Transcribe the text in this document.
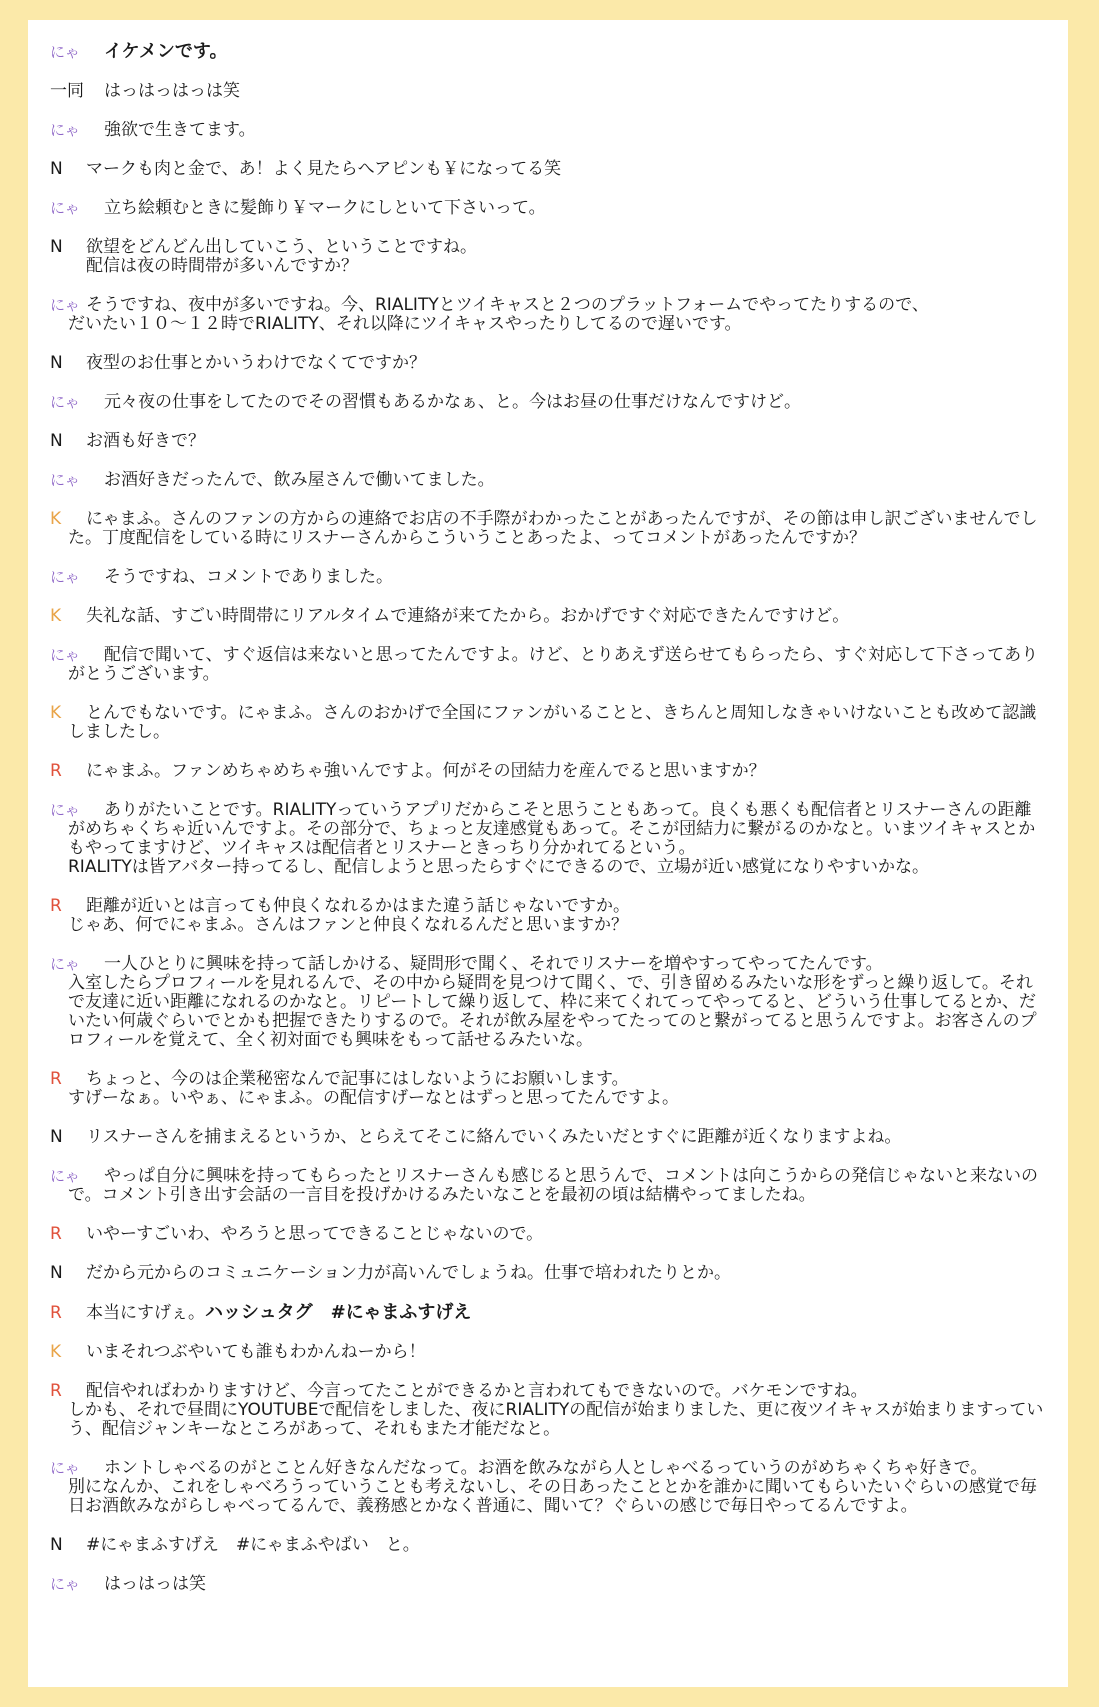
にゃ イケメンです。
一同 はっはっはっは笑
にゃ 強欲で生きてます。
N マークも肉と金で、あ！よく見たらへアピンも￥になってる笑
にゃ 立ち絵頼むときに髪飾り￥マークにしといて下さいって。
N 欲望をどんどん出していこう、ということですね。
配信は夜の時間帯が多いんですか？
にゃ そうですね、夜中が多いですね。今、RIALITYとツイキャスと２つのプラットフォームでやってたりするので、
だいたい１０～１２時でRIALITY、それ以降にツイキャスやったりしてるので遅いです。
N 夜型のお仕事とかいうわけでなくてですか？
にゃ 元々夜の仕事をしてたのでその習慣もあるかなぁ、と。今はお昼の仕事だけなんですけど。
N お酒も好きで？
にゃ お酒好きだったんで、飲み屋さんで働いてました。
K にゃまふ。さんのファンの方からの連絡でお店の不手際がわかったことがあったんですが、その節は申し訳ございませんでした。丁度配信をしている時にリスナーさんからこういうことあったよ、ってコメントがあったんですか？
にゃ そうですね、コメントでありました。
K 失礼な話、すごい時間帯にリアルタイムで連絡が来てたから。おかげですぐ対応できたんですけど。
にゃ 配信で聞いて、すぐ返信は来ないと思ってたんですよ。けど、とりあえず送らせてもらったら、すぐ対応して下さってありがとうございます。
K とんでもないです。にゃまふ。さんのおかげで全国にファンがいることと、きちんと周知しなきゃいけないことも改めて認識しましたし。
R にゃまふ。ファンめちゃめちゃ強いんですよ。何がその団結力を産んでると思いますか？
にゃ ありがたいことです。RIALITYっていうアプリだからこそと思うこともあって。良くも悪くも配信者とリスナーさんの距離がめちゃくちゃ近いんですよ。その部分で、ちょっと友達感覚もあって。そこが団結力に繋がるのかなと。いまツイキャスとかもやってますけど、ツイキャスは配信者とリスナーときっちり分かれてるという。
RIALITYは皆アバター持ってるし、配信しようと思ったらすぐにできるので、立場が近い感覚になりやすいかな。
R 距離が近いとは言っても仲良くなれるかはまた違う話じゃないですか。
じゃあ、何でにゃまふ。さんはファンと仲良くなれるんだと思いますか？
にゃ 一人ひとりに興味を持って話しかける、疑問形で聞く、それでリスナーを増やすってやってたんです。
入室したらプロフィールを見れるんで、その中から疑問を見つけて聞く、で、引き留めるみたいな形をずっと繰り返して。それで友達に近い距離になれるのかなと。リピートして繰り返して、枠に来てくれてってやってると、どういう仕事してるとか、だいたい何歳ぐらいでとかも把握できたりするので。それが飲み屋をやってたってのと繋がってると思うんですよ。お客さんのプロフィールを覚えて、全く初対面でも興味をもって話せるみたいな。
R ちょっと、今のは企業秘密なんで記事にはしないようにお願いします。
すげーなぁ。いやぁ、にゃまふ。の配信すげーなとはずっと思ってたんですよ。
N リスナーさんを捕まえるというか、とらえてそこに絡んでいくみたいだとすぐに距離が近くなりますよね。
にゃ やっぱ自分に興味を持ってもらったとリスナーさんも感じると思うんで、コメントは向こうからの発信じゃないと来ないので。コメント引き出す会話の一言目を投げかけるみたいなことを最初の頃は結構やってましたね。
R いやーすごいわ、やろうと思ってできることじゃないので。
N だから元からのコミュニケーション力が高いんでしょうね。仕事で培われたりとか。
R 本当にすげぇ。ハッシュタグ　#にゃまふすげえ
K いまそれつぶやいても誰もわかんねーから！
R 配信やればわかりますけど、今言ってたことができるかと言われてもできないので。バケモンですね。
しかも、それで昼間にYOUTUBEで配信をしました、夜にRIALITYの配信が始まりました、更に夜ツイキャスが始まりますっていう、配信ジャンキーなところがあって、それもまた才能だなと。
にゃ ホントしゃべるのがとことん好きなんだなって。お酒を飲みながら人としゃべるっていうのがめちゃくちゃ好きで。
別になんか、これをしゃべろうっていうことも考えないし、その日あったこととかを誰かに聞いてもらいたいぐらいの感覚で毎日お酒飲みながらしゃべってるんで、義務感とかなく普通に、聞いて？ぐらいの感じで毎日やってるんですよ。
N #にゃまふすげえ　#にゃまふやばい　と。
にゃ はっはっは笑
